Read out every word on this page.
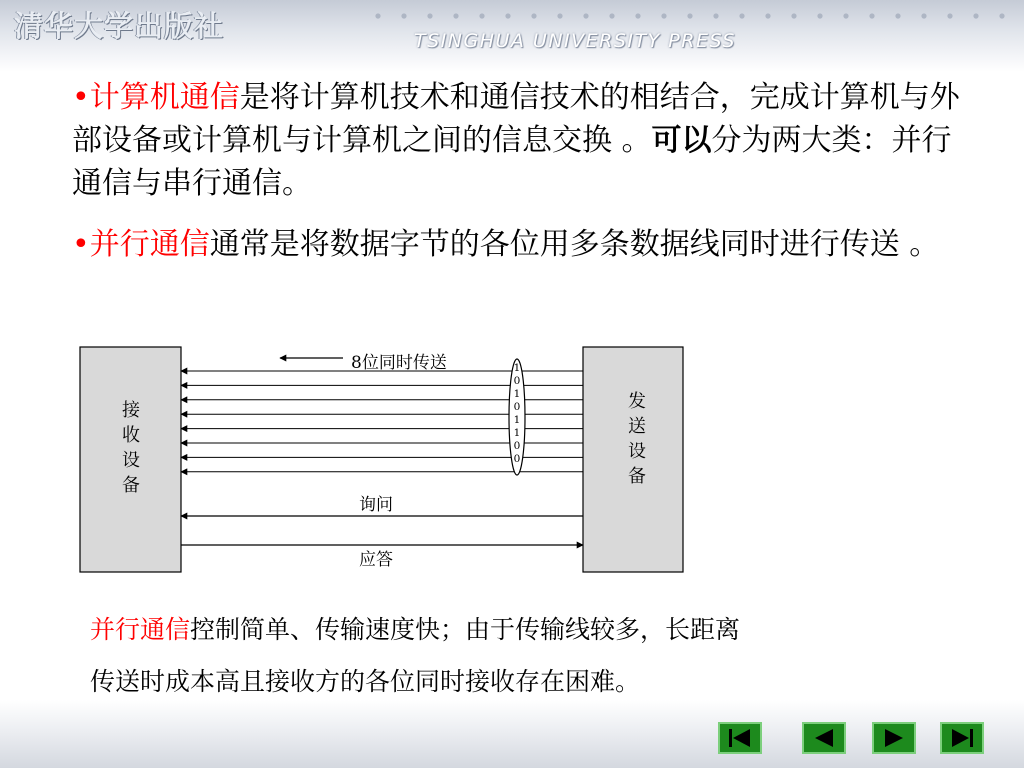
清华大学出版社	TSINGHUA UNIVERSITY PRESS
•计算机通信是将计算机技术和通信技术的相结合，完成计算机与外部设备或计算机与计算机之间的信息交换 。可以分为两大类：并行通信与串行通信。
•并行通信通常是将数据字节的各位用多条数据线同时进行传送 。
接
收
设
备
发
送
设
备
8位同时传送	1
0
1
0
1
1
0
0
询问
应答
并行通信控制简单、传输速度快；由于传输线较多，长距离
传送时成本高且接收方的各位同时接收存在困难。
